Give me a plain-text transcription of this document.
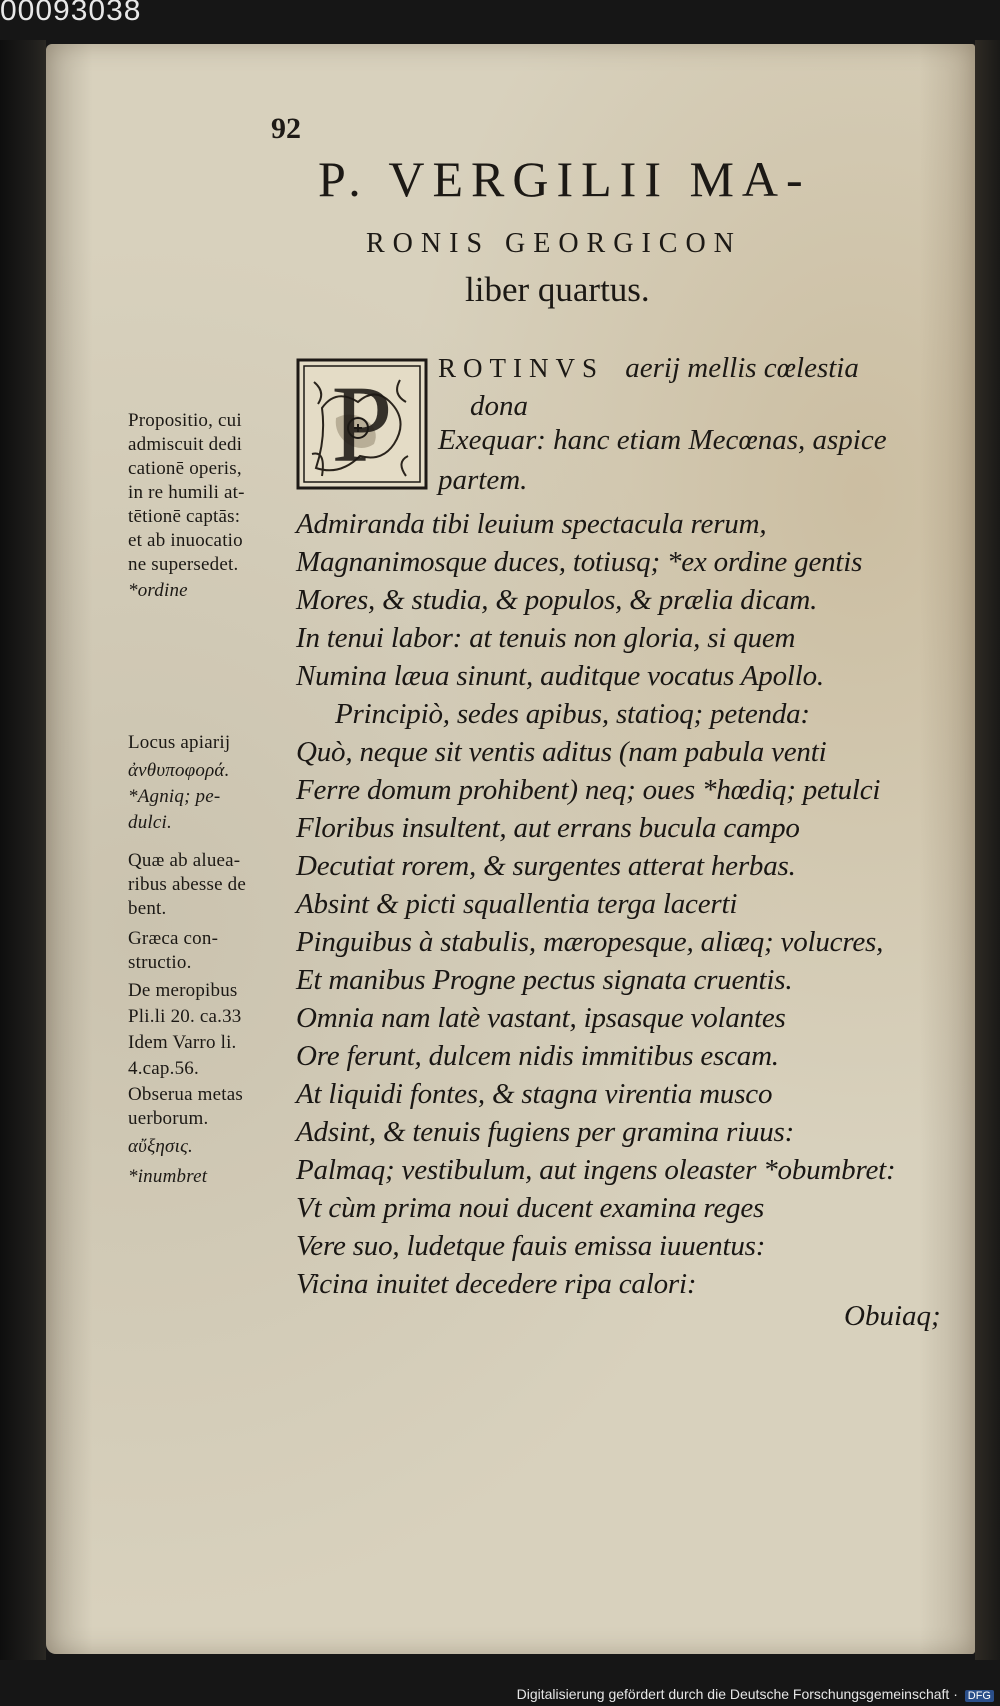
00093038
92
P. VERGILII MA-
RONIS GEORGICON
liber quartus.
P	ROTINVS aerij mellis cœlestia
dona
Exequar: hanc etiam Mecœnas, aspice
partem.
Admiranda tibi leuium spectacula rerum,
Magnanimosque duces, totiusq; *ex ordine gentis
Mores, & studia, & populos, & prælia dicam.
In tenui labor: at tenuis non gloria, si quem
Numina læua sinunt, auditque vocatus Apollo.
Principiò, sedes apibus, statioq; petenda:
Quò, neque sit ventis aditus (nam pabula venti
Ferre domum prohibent) neq; oues *hœdiq; petulci
Floribus insultent, aut errans bucula campo
Decutiat rorem, & surgentes atterat herbas.
Absint & picti squallentia terga lacerti
Pinguibus à stabulis, mæropesque, aliæq; volucres,
Et manibus Progne pectus signata cruentis.
Omnia nam latè vastant, ipsasque volantes
Ore ferunt, dulcem nidis immitibus escam.
At liquidi fontes, & stagna virentia musco
Adsint, & tenuis fugiens per gramina riuus:
Palmaq; vestibulum, aut ingens oleaster *obumbret:
Vt cùm prima noui ducent examina reges
Vere suo, ludetque fauis emissa iuuentus:
Vicina inuitet decedere ripa calori:
Obuiaq;
Propositio, cui
admiscuit dedi
cationē operis,
in re humili at-
tētionē captās:
et ab inuocatio
ne supersedet.
*ordine
Locus apiarij
ἀνθυποφορά.
*Agniq; pe-
dulci.
Quæ ab aluea-
ribus abesse de
bent.
Græca con-
structio.
De meropibus
Pli.li 20. ca.33
Idem Varro li.
4.cap.56.
Obserua metas
uerborum.
αὔξησις.
*inumbret
Digitalisierung gefördert durch die Deutsche Forschungsgemeinschaft · DFG
